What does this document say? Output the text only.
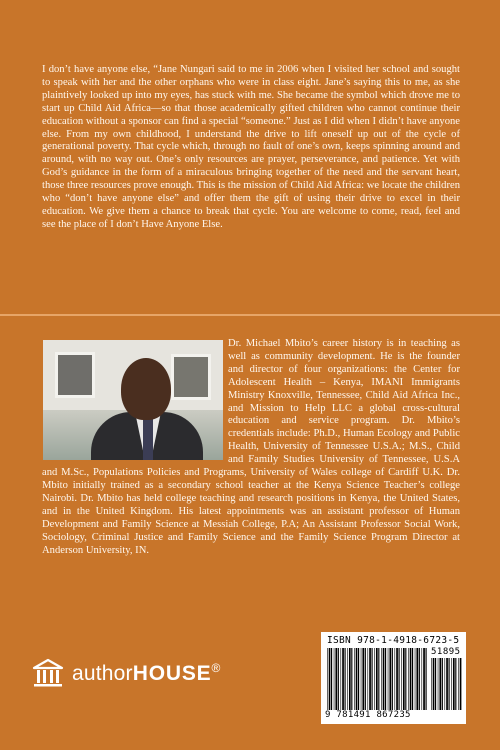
I don’t have anyone else, “Jane Nungari said to me in 2006 when I visited her school and sought to speak with her and the other orphans who were in class eight. Jane’s saying this to me, as she plaintively looked up into my eyes, has stuck with me. She became the symbol which drove me to start up Child Aid Africa—so that those academically gifted children who cannot continue their education without a sponsor can find a special “someone.” Just as I did when I didn’t have anyone else. From my own childhood, I understand the drive to lift oneself up out of the cycle of generational poverty. That cycle which, through no fault of one’s own, keeps spinning around and around, with no way out. One’s only resources are prayer, perseverance, and patience. Yet with God’s guidance in the form of a miraculous bringing together of the need and the servant heart, those three resources prove enough. This is the mission of Child Aid Africa: we locate the children who “don’t have anyone else” and offer them the gift of using their drive to excel in their education. We give them a chance to break that cycle. You are welcome to come, read, feel and see the place of I don’t Have Anyone Else.

Dr. Michael Mbito’s career history is in teaching as well as community development. He is the founder and director of four organizations: the Center for Adolescent Health – Kenya, IMANI Immigrants Ministry Knoxville, Tennessee, Child Aid Africa Inc., and Mission to Help LLC a global cross-cultural education and service program. Dr. Mbito’s credentials include: Ph.D., Human Ecology and Public Health, University of Tennessee U.S.A.; M.S., Child and Family Studies University of Tennessee, U.S.A and M.Sc., Populations Policies and Programs, University of Wales college of Cardiff U.K. Dr. Mbito initially trained as a secondary school teacher at the Kenya Science Teacher’s college Nairobi. Dr. Mbito has held college teaching and research positions in Kenya, the United States, and in the United Kingdom. His latest appointments was an assistant professor of Human Development and Family Science at Messiah College, P.A; An Assistant Professor Social Work, Sociology, Criminal Justice and Family Science and the Family Science Program Director at Anderson University, IN.

authorHOUSE®
ISBN 978-1-4918-6723-5
51895
9 781491 867235
